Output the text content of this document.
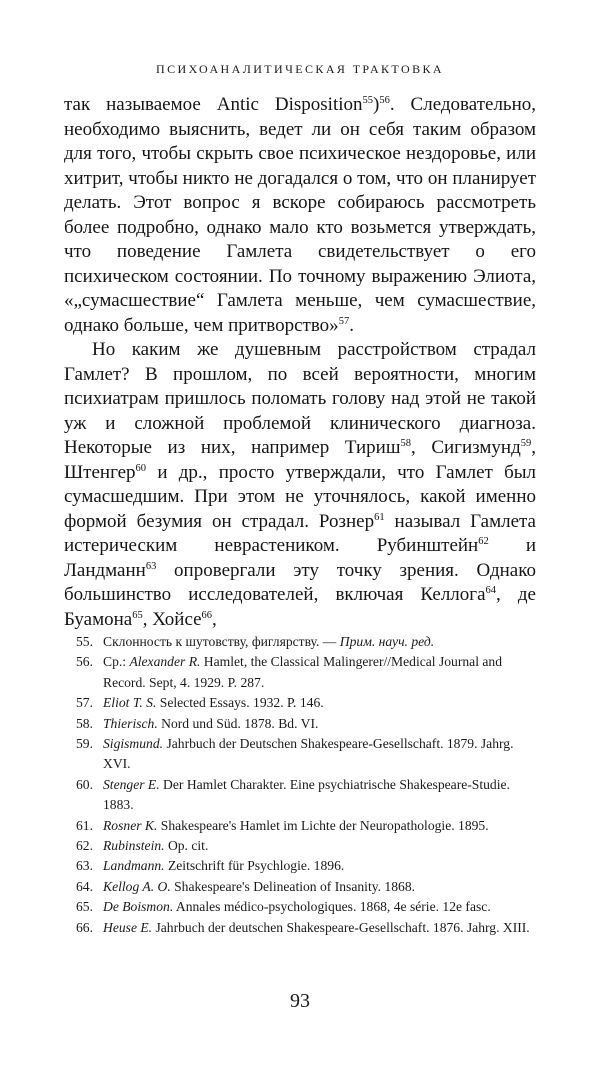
ПСИХОАНАЛИТИЧЕСКАЯ ТРАКТОВКА

так называемое Antic Disposition$^{55}$)$^{56}$. Следовательно, необходимо выяснить, ведет ли он себя таким образом для того, чтобы скрыть свое психическое нездоровье, или хитрит, чтобы никто не догадался о том, что он планирует делать. Этот вопрос я вскоре собираюсь рассмотреть более подробно, однако мало кто возьмется утверждать, что поведение Гамлета свидетельствует о его психическом состоянии. По точному выражению Элиота, «„сумасшествие“ Гамлета меньше, чем сумасшествие, однако больше, чем притворство»$^{57}$.

Но каким же душевным расстройством страдал Гамлет? В прошлом, по всей вероятности, многим психиатрам пришлось поломать голову над этой не такой уж и сложной проблемой клинического диагноза. Некоторые из них, например Тириш$^{58}$, Сигизмунд$^{59}$, Штенгер$^{60}$ и др., просто утверждали, что Гамлет был сумасшедшим. При этом не уточнялось, какой именно формой безумия он страдал. Рознер$^{61}$ называл Гамлета истерическим неврастеником. Рубинштейн$^{62}$ и Ландманн$^{63}$ опровергали эту точку зрения. Однако большинство исследователей, включая Келлога$^{64}$, де Буамона$^{65}$, Хойсе$^{66}$,

55. Склонность к шутовству, фиглярству. — Прим. науч. ред.
56. Ср.: Alexander R. Hamlet, the Classical Malingerer//Medical Journal and Record. Sept, 4. 1929. P. 287.
57. Eliot T. S. Selected Essays. 1932. P. 146.
58. Thierisch. Nord und Süd. 1878. Bd. VI.
59. Sigismund. Jahrbuch der Deutschen Shakespeare-Gesellschaft. 1879. Jahrg. XVI.
60. Stenger E. Der Hamlet Charakter. Eine psychiatrische Shakespeare-Studie. 1883.
61. Rosner K. Shakespeare's Hamlet im Lichte der Neuropathologie. 1895.
62. Rubinstein. Op. cit.
63. Landmann. Zeitschrift für Psychlogie. 1896.
64. Kellog A. O. Shakespeare's Delineation of Insanity. 1868.
65. De Boismon. Annales médico-psychologiques. 1868, 4e série. 12e fasc.
66. Heuse E. Jahrbuch der deutschen Shakespeare-Gesellschaft. 1876. Jahrg. XIII.
93
